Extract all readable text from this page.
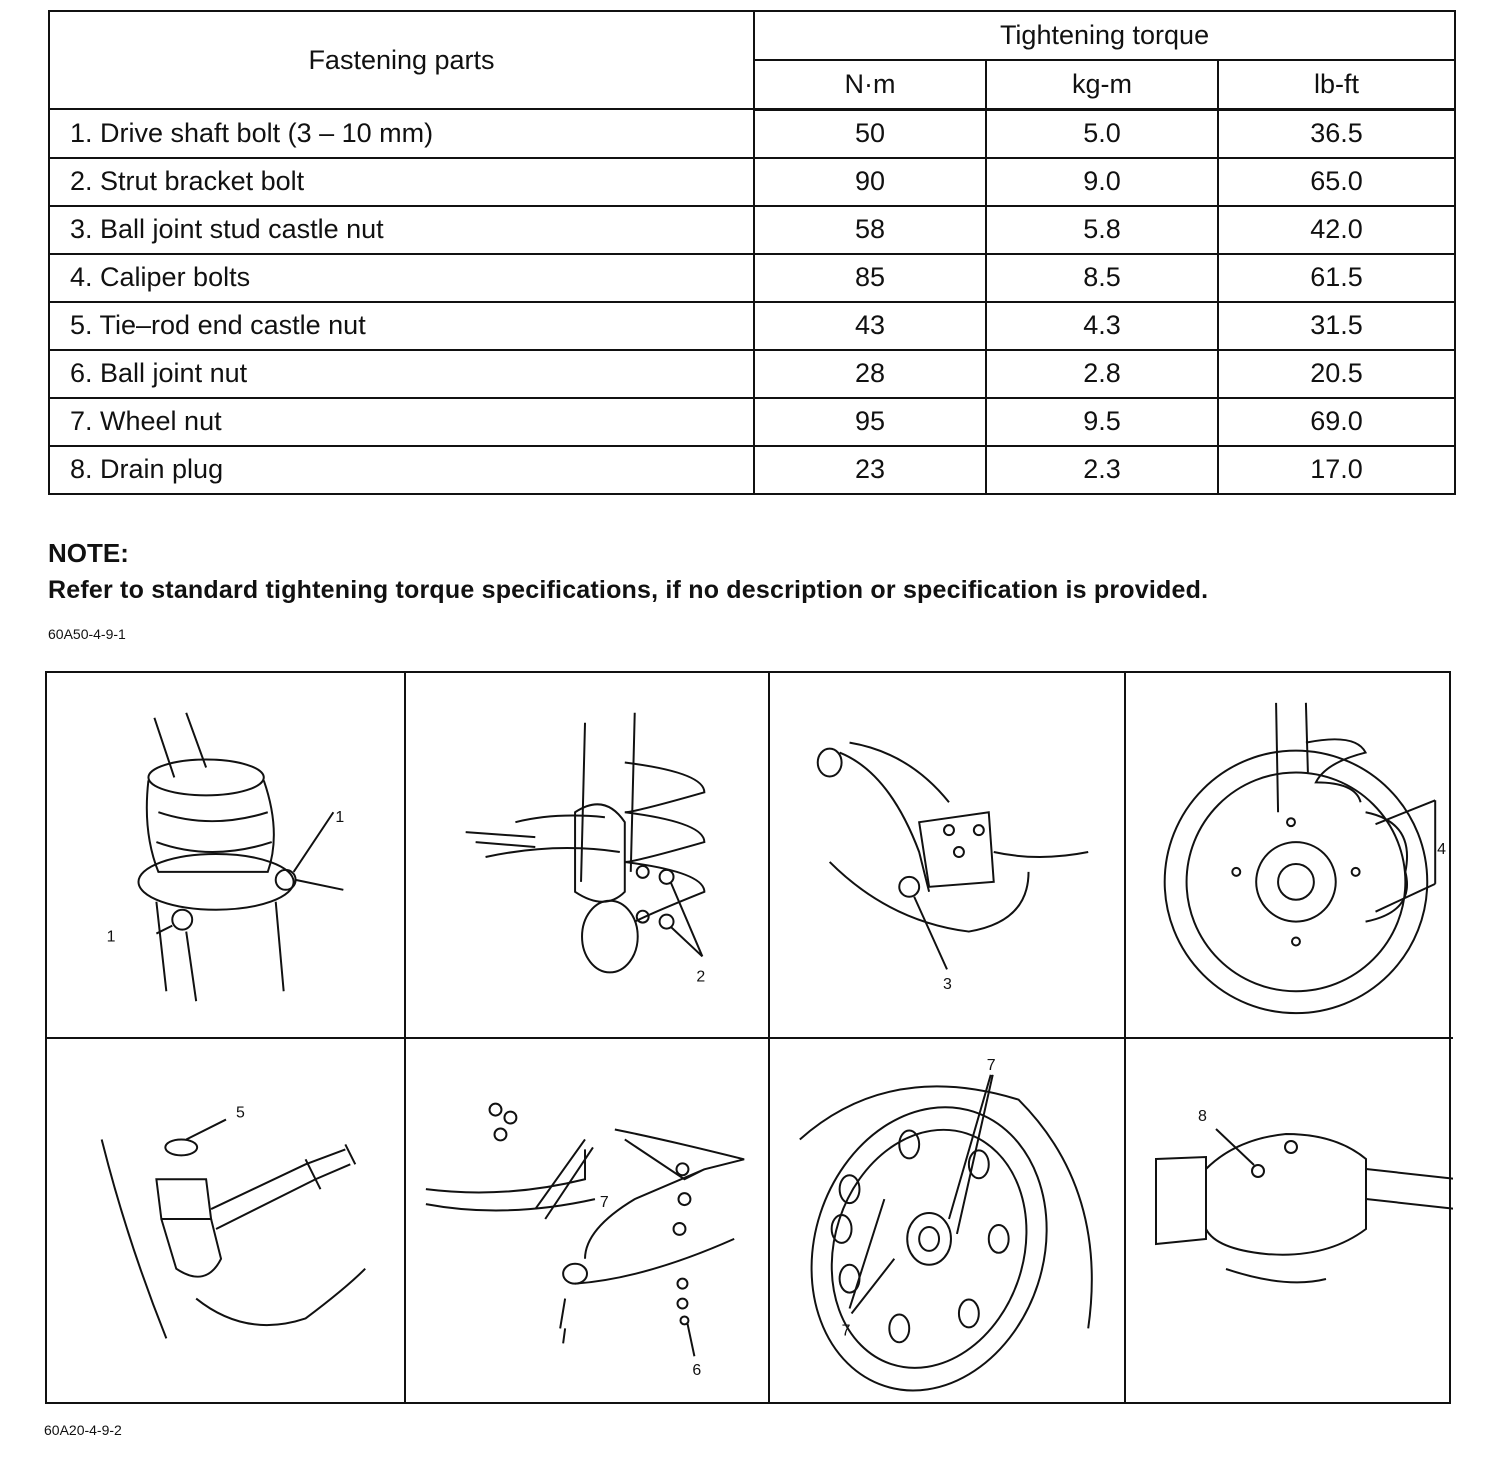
Fastening parts	Tightening torque		
	N·m	kg-m	lb-ft
1. Drive shaft bolt (3 – 10 mm)	50	5.0	36.5
2. Strut bracket bolt	90	9.0	65.0
3. Ball joint stud castle nut	58	5.8	42.0
4. Caliper bolts	85	8.5	61.5
5. Tie–rod end castle nut	43	4.3	31.5
6. Ball joint nut	28	2.8	20.5
7. Wheel nut	95	9.5	69.0
8. Drain plug	23	2.3	17.0
NOTE:
Refer to standard tightening torque specifications, if no description or specification is provided.
60A50-4-9-1
1
1
2	3
4
5
7
6
7
7
8
60A20-4-9-2
